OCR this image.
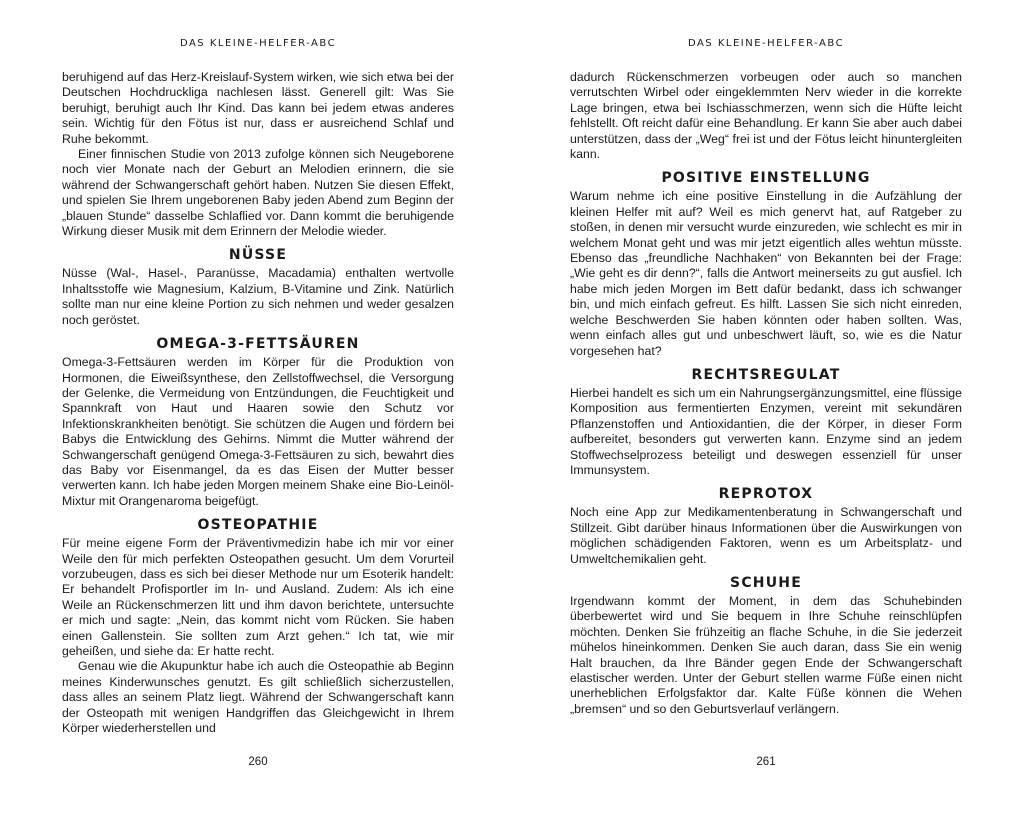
DAS KLEINE-HELFER-ABC

beruhigend auf das Herz-Kreislauf-System wirken, wie sich etwa bei der Deutschen Hochdruckliga nachlesen lässt. Generell gilt: Was Sie beruhigt, beruhigt auch Ihr Kind. Das kann bei jedem etwas anderes sein. Wichtig für den Fötus ist nur, dass er ausreichend Schlaf und Ruhe bekommt.

Einer finnischen Studie von 2013 zufolge können sich Neugeborene noch vier Monate nach der Geburt an Melodien erinnern, die sie während der Schwangerschaft gehört haben. Nutzen Sie diesen Effekt, und spielen Sie Ihrem ungeborenen Baby jeden Abend zum Beginn der „blauen Stunde“ dasselbe Schlaflied vor. Dann kommt die beruhigende Wirkung dieser Musik mit dem Erinnern der Melodie wieder.

NÜSSE

Nüsse (Wal-, Hasel-, Paranüsse, Macadamia) enthalten wertvolle Inhaltsstoffe wie Magnesium, Kalzium, B-Vitamine und Zink. Natürlich sollte man nur eine kleine Portion zu sich nehmen und weder gesalzen noch geröstet.

OMEGA-3-FETTSÄUREN

Omega-3-Fettsäuren werden im Körper für die Produktion von Hormonen, die Eiweißsynthese, den Zellstoffwechsel, die Versorgung der Gelenke, die Vermeidung von Entzündungen, die Feuchtigkeit und Spannkraft von Haut und Haaren sowie den Schutz vor Infektionskrankheiten benötigt. Sie schützen die Augen und fördern bei Babys die Entwicklung des Gehirns. Nimmt die Mutter während der Schwangerschaft genügend Omega-3-Fettsäuren zu sich, bewahrt dies das Baby vor Eisenmangel, da es das Eisen der Mutter besser verwerten kann. Ich habe jeden Morgen meinem Shake eine Bio-Leinöl-Mixtur mit Orangenaroma beigefügt.

OSTEOPATHIE

Für meine eigene Form der Präventivmedizin habe ich mir vor einer Weile den für mich perfekten Osteopathen gesucht. Um dem Vorurteil vorzubeugen, dass es sich bei dieser Methode nur um Esoterik handelt: Er behandelt Profisportler im In- und Ausland. Zudem: Als ich eine Weile an Rückenschmerzen litt und ihm davon berichtete, untersuchte er mich und sagte: „Nein, das kommt nicht vom Rücken. Sie haben einen Gallenstein. Sie sollten zum Arzt gehen.“ Ich tat, wie mir geheißen, und siehe da: Er hatte recht.

Genau wie die Akupunktur habe ich auch die Osteopathie ab Beginn meines Kinderwunsches genutzt. Es gilt schließlich sicherzustellen, dass alles an seinem Platz liegt. Während der Schwangerschaft kann der Osteopath mit wenigen Handgriffen das Gleichgewicht in Ihrem Körper wiederherstellen und

260
DAS KLEINE-HELFER-ABC

dadurch Rückenschmerzen vorbeugen oder auch so manchen verrutschten Wirbel oder eingeklemmten Nerv wieder in die korrekte Lage bringen, etwa bei Ischiasschmerzen, wenn sich die Hüfte leicht fehlstellt. Oft reicht dafür eine Behandlung. Er kann Sie aber auch dabei unterstützen, dass der „Weg“ frei ist und der Fötus leicht hinuntergleiten kann.

POSITIVE EINSTELLUNG

Warum nehme ich eine positive Einstellung in die Aufzählung der kleinen Helfer mit auf? Weil es mich genervt hat, auf Ratgeber zu stoßen, in denen mir versucht wurde einzureden, wie schlecht es mir in welchem Monat geht und was mir jetzt eigentlich alles wehtun müsste. Ebenso das „freundliche Nachhaken“ von Bekannten bei der Frage: „Wie geht es dir denn?“, falls die Antwort meinerseits zu gut ausfiel. Ich habe mich jeden Morgen im Bett dafür bedankt, dass ich schwanger bin, und mich einfach gefreut. Es hilft. Lassen Sie sich nicht einreden, welche Beschwerden Sie haben könnten oder haben sollten. Was, wenn einfach alles gut und unbeschwert läuft, so, wie es die Natur vorgesehen hat?

RECHTSREGULAT

Hierbei handelt es sich um ein Nahrungsergänzungsmittel, eine flüssige Komposition aus fermentierten Enzymen, vereint mit sekundären Pflanzenstoffen und Antioxidantien, die der Körper, in dieser Form aufbereitet, besonders gut verwerten kann. Enzyme sind an jedem Stoffwechselprozess beteiligt und deswegen essenziell für unser Immunsystem.

REPROTOX

Noch eine App zur Medikamentenberatung in Schwangerschaft und Stillzeit. Gibt darüber hinaus Informationen über die Auswirkungen von möglichen schädigenden Faktoren, wenn es um Arbeitsplatz- und Umweltchemikalien geht.

SCHUHE

Irgendwann kommt der Moment, in dem das Schuhebinden überbewertet wird und Sie bequem in Ihre Schuhe reinschlüpfen möchten. Denken Sie frühzeitig an flache Schuhe, in die Sie jederzeit mühelos hineinkommen. Denken Sie auch daran, dass Sie ein wenig Halt brauchen, da Ihre Bänder gegen Ende der Schwangerschaft elastischer werden. Unter der Geburt stellen warme Füße einen nicht unerheblichen Erfolgsfaktor dar. Kalte Füße können die Wehen „bremsen“ und so den Geburtsverlauf verlängern.

261
